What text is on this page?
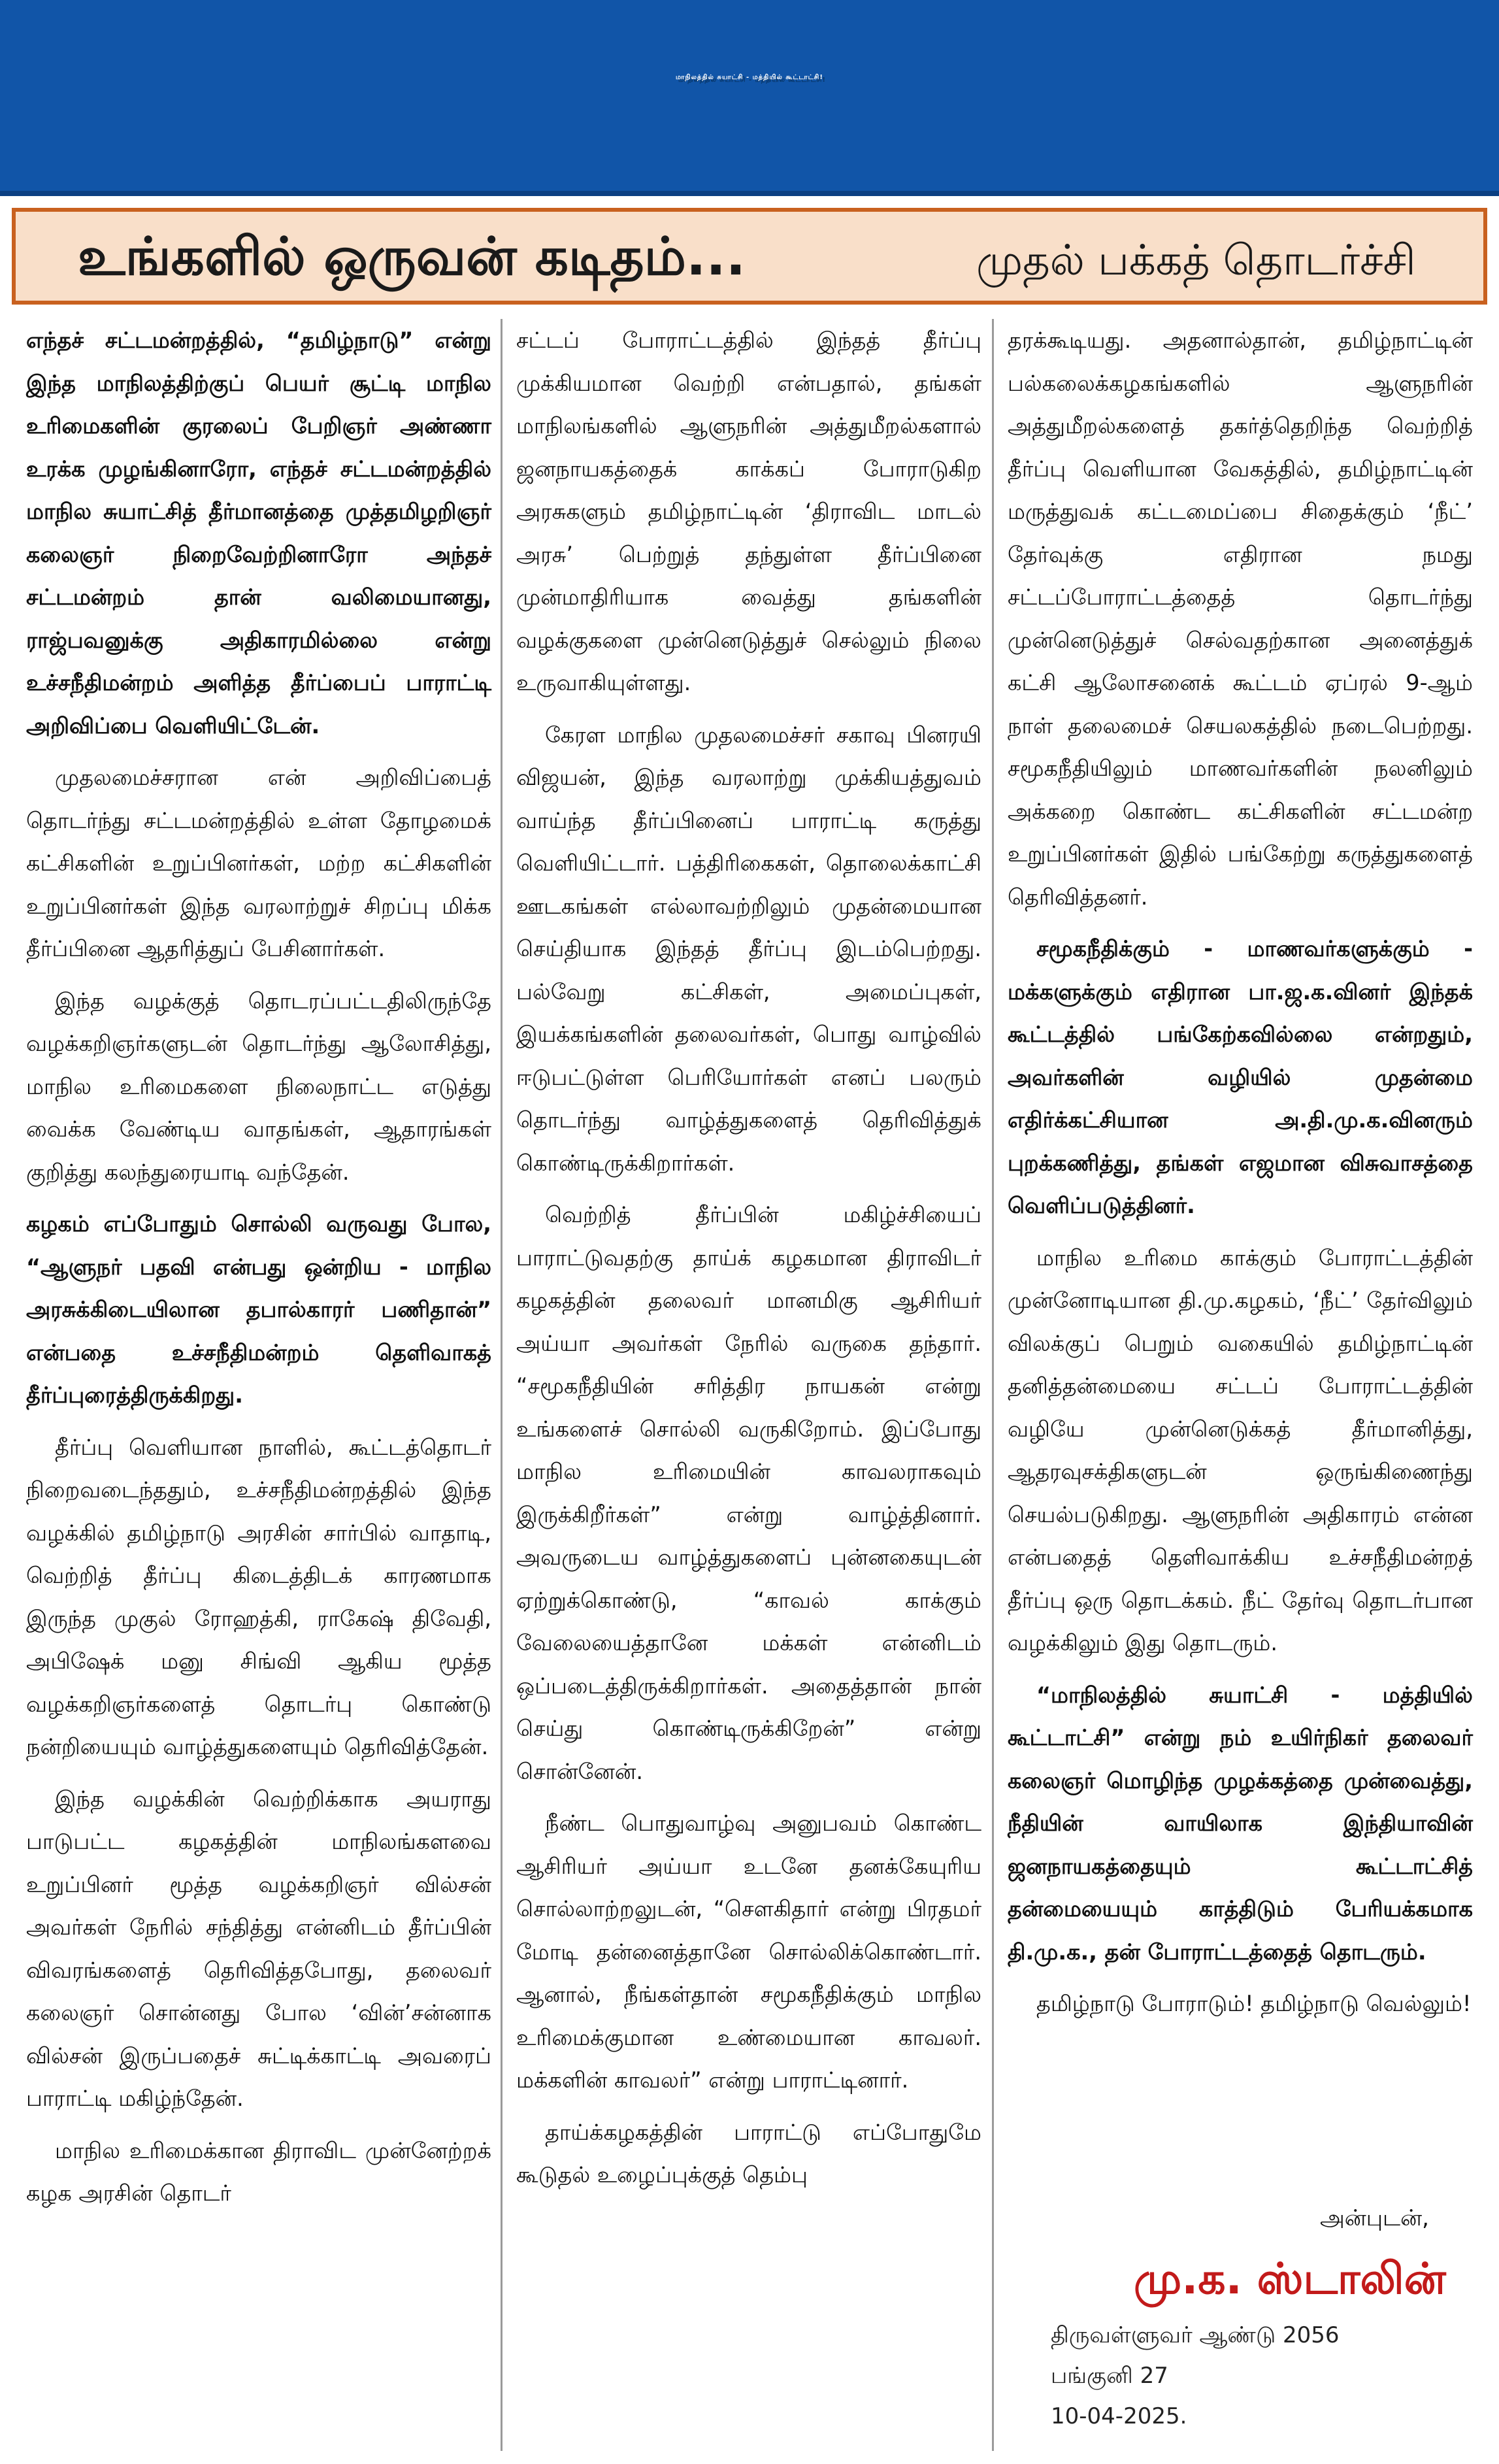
மாநிலத்தில் சுயாட்சி - மத்தியில் கூட்டாட்சி!
உங்களில் ஒருவன் கடிதம்...	முதல் பக்கத் தொடர்ச்சி

எந்தச் சட்டமன்றத்தில், “தமிழ்நாடு” என்று இந்த மாநிலத்திற்குப் பெயர் சூட்டி மாநில உரிமைகளின் குரலைப் பேறிஞர் அண்ணா உரக்க முழங்கினாரோ, எந்தச் சட்டமன்றத்தில் மாநில சுயாட்சித் தீர்மானத்தை முத்தமிழறிஞர் கலைஞர் நிறைவேற்றினாரோ அந்தச் சட்டமன்றம் தான் வலிமையானது, ராஜ்பவனுக்கு அதிகாரமில்லை என்று உச்சநீதிமன்றம் அளித்த தீர்ப்பைப் பாராட்டி அறிவிப்பை வெளியிட்டேன்.

முதலமைச்சரான என் அறிவிப்பைத் தொடர்ந்து சட்டமன்றத்தில் உள்ள தோழமைக் கட்சிகளின் உறுப்பினர்கள், மற்ற கட்சிகளின் உறுப்பினர்கள் இந்த வரலாற்றுச் சிறப்பு மிக்க தீர்ப்பினை ஆதரித்துப் பேசினார்கள்.

இந்த வழக்குத் தொடரப்பட்டதிலிருந்தே வழக்கறிஞர்களுடன் தொடர்ந்து ஆலோசித்து, மாநில உரிமைகளை நிலைநாட்ட எடுத்து வைக்க வேண்டிய வாதங்கள், ஆதாரங்கள் குறித்து கலந்துரையாடி வந்தேன்.

கழகம் எப்போதும் சொல்லி வருவது போல, “ஆளுநர் பதவி என்பது ஒன்றிய - மாநில அரசுக்கிடையிலான தபால்காரர் பணிதான்” என்பதை உச்சநீதிமன்றம் தெளிவாகத் தீர்ப்புரைத்திருக்கிறது.

தீர்ப்பு வெளியான நாளில், கூட்டத்தொடர் நிறைவடைந்ததும், உச்சநீதிமன்றத்தில் இந்த வழக்கில் தமிழ்நாடு அரசின் சார்பில் வாதாடி, வெற்றித் தீர்ப்பு கிடைத்திடக் காரணமாக இருந்த முகுல் ரோஹத்கி, ராகேஷ் திவேதி, அபிஷேக் மனு சிங்வி ஆகிய மூத்த வழக்கறிஞர்களைத் தொடர்பு கொண்டு நன்றியையும் வாழ்த்துகளையும் தெரிவித்தேன்.

இந்த வழக்கின் வெற்றிக்காக அயராது பாடுபட்ட கழகத்தின் மாநிலங்களவை உறுப்பினர் மூத்த வழக்கறிஞர் வில்சன் அவர்கள் நேரில் சந்தித்து என்னிடம் தீர்ப்பின் விவரங்களைத் தெரிவித்தபோது, தலைவர் கலைஞர் சொன்னது போல ‘வின்’சன்னாக வில்சன் இருப்பதைச் சுட்டிக்காட்டி அவரைப் பாராட்டி மகிழ்ந்தேன்.

மாநில உரிமைக்கான திராவிட முன்னேற்றக் கழக அரசின் தொடர்

சட்டப் போராட்டத்தில் இந்தத் தீர்ப்பு முக்கியமான வெற்றி என்பதால், தங்கள் மாநிலங்களில் ஆளுநரின் அத்துமீறல்களால் ஜனநாயகத்தைக் காக்கப் போராடுகிற அரசுகளும் தமிழ்நாட்டின் ‘திராவிட மாடல் அரசு’ பெற்றுத் தந்துள்ள தீர்ப்பினை முன்மாதிரியாக வைத்து தங்களின் வழக்குகளை முன்னெடுத்துச் செல்லும் நிலை உருவாகியுள்ளது.

கேரள மாநில முதலமைச்சர் சகாவு பினரயி விஜயன், இந்த வரலாற்று முக்கியத்துவம் வாய்ந்த தீர்ப்பினைப் பாராட்டி கருத்து வெளியிட்டார். பத்திரிகைகள், தொலைக்காட்சி ஊடகங்கள் எல்லாவற்றிலும் முதன்மையான செய்தியாக இந்தத் தீர்ப்பு இடம்பெற்றது. பல்வேறு கட்சிகள், அமைப்புகள், இயக்கங்களின் தலைவர்கள், பொது வாழ்வில் ஈடுபட்டுள்ள பெரியோர்கள் எனப் பலரும் தொடர்ந்து வாழ்த்துகளைத் தெரிவித்துக் கொண்டிருக்கிறார்கள்.

வெற்றித் தீர்ப்பின் மகிழ்ச்சியைப் பாராட்டுவதற்கு தாய்க் கழகமான திராவிடர் கழகத்தின் தலைவர் மானமிகு ஆசிரியர் அய்யா அவர்கள் நேரில் வருகை தந்தார். “சமூகநீதியின் சரித்திர நாயகன் என்று உங்களைச் சொல்லி வருகிறோம். இப்போது மாநில உரிமையின் காவலராகவும் இருக்கிறீர்கள்” என்று வாழ்த்தினார். அவருடைய வாழ்த்துகளைப் புன்னகையுடன் ஏற்றுக்கொண்டு, “காவல் காக்கும் வேலையைத்தானே மக்கள் என்னிடம் ஒப்படைத்திருக்கிறார்கள். அதைத்தான் நான் செய்து கொண்டிருக்கிறேன்” என்று சொன்னேன்.

நீண்ட பொதுவாழ்வு அனுபவம் கொண்ட ஆசிரியர் அய்யா உடனே தனக்கேயுரிய சொல்லாற்றலுடன், “சௌகிதார் என்று பிரதமர் மோடி தன்னைத்தானே சொல்லிக்கொண்டார். ஆனால், நீங்கள்தான் சமூகநீதிக்கும் மாநில உரிமைக்குமான உண்மையான காவலர். மக்களின் காவலர்” என்று பாராட்டினார்.

தாய்க்கழகத்தின் பாராட்டு எப்போதுமே கூடுதல் உழைப்புக்குத் தெம்பு

தரக்கூடியது. அதனால்தான், தமிழ்நாட்டின் பல்கலைக்கழகங்களில் ஆளுநரின் அத்துமீறல்களைத் தகர்த்தெறிந்த வெற்றித் தீர்ப்பு வெளியான வேகத்தில், தமிழ்நாட்டின் மருத்துவக் கட்டமைப்பை சிதைக்கும் ‘நீட்’ தேர்வுக்கு எதிரான நமது சட்டப்போராட்டத்தைத் தொடர்ந்து முன்னெடுத்துச் செல்வதற்கான அனைத்துக் கட்சி ஆலோசனைக் கூட்டம் ஏப்ரல் 9-ஆம் நாள் தலைமைச் செயலகத்தில் நடைபெற்றது. சமூகநீதியிலும் மாணவர்களின் நலனிலும் அக்கறை கொண்ட கட்சிகளின் சட்டமன்ற உறுப்பினர்கள் இதில் பங்கேற்று கருத்துகளைத் தெரிவித்தனர்.

சமூகநீதிக்கும் - மாணவர்களுக்கும் - மக்களுக்கும் எதிரான பா.ஜ.க.வினர் இந்தக் கூட்டத்தில் பங்கேற்கவில்லை என்றதும், அவர்களின் வழியில் முதன்மை எதிர்க்கட்சியான அ.தி.மு.க.வினரும் புறக்கணித்து, தங்கள் எஜமான விசுவாசத்தை வெளிப்படுத்தினர்.

மாநில உரிமை காக்கும் போராட்டத்தின் முன்னோடியான தி.மு.கழகம், ‘நீட்’ தேர்விலும் விலக்குப் பெறும் வகையில் தமிழ்நாட்டின் தனித்தன்மையை சட்டப் போராட்டத்தின் வழியே முன்னெடுக்கத் தீர்மானித்து, ஆதரவுசக்திகளுடன் ஒருங்கிணைந்து செயல்படுகிறது. ஆளுநரின் அதிகாரம் என்ன என்பதைத் தெளிவாக்கிய உச்சநீதிமன்றத் தீர்ப்பு ஒரு தொடக்கம். நீட் தேர்வு தொடர்பான வழக்கிலும் இது தொடரும்.

“மாநிலத்தில் சுயாட்சி - மத்தியில் கூட்டாட்சி” என்று நம் உயிர்நிகர் தலைவர் கலைஞர் மொழிந்த முழக்கத்தை முன்வைத்து, நீதியின் வாயிலாக இந்தியாவின் ஜனநாயகத்தையும் கூட்டாட்சித் தன்மையையும் காத்திடும் பேரியக்கமாக தி.மு.க., தன் போராட்டத்தைத் தொடரும்.

தமிழ்நாடு போராடும்! தமிழ்நாடு வெல்லும்!

அன்புடன்,
மு.க. ஸ்டாலின்
திருவள்ளுவர் ஆண்டு 2056
பங்குனி 27
10-04-2025.
